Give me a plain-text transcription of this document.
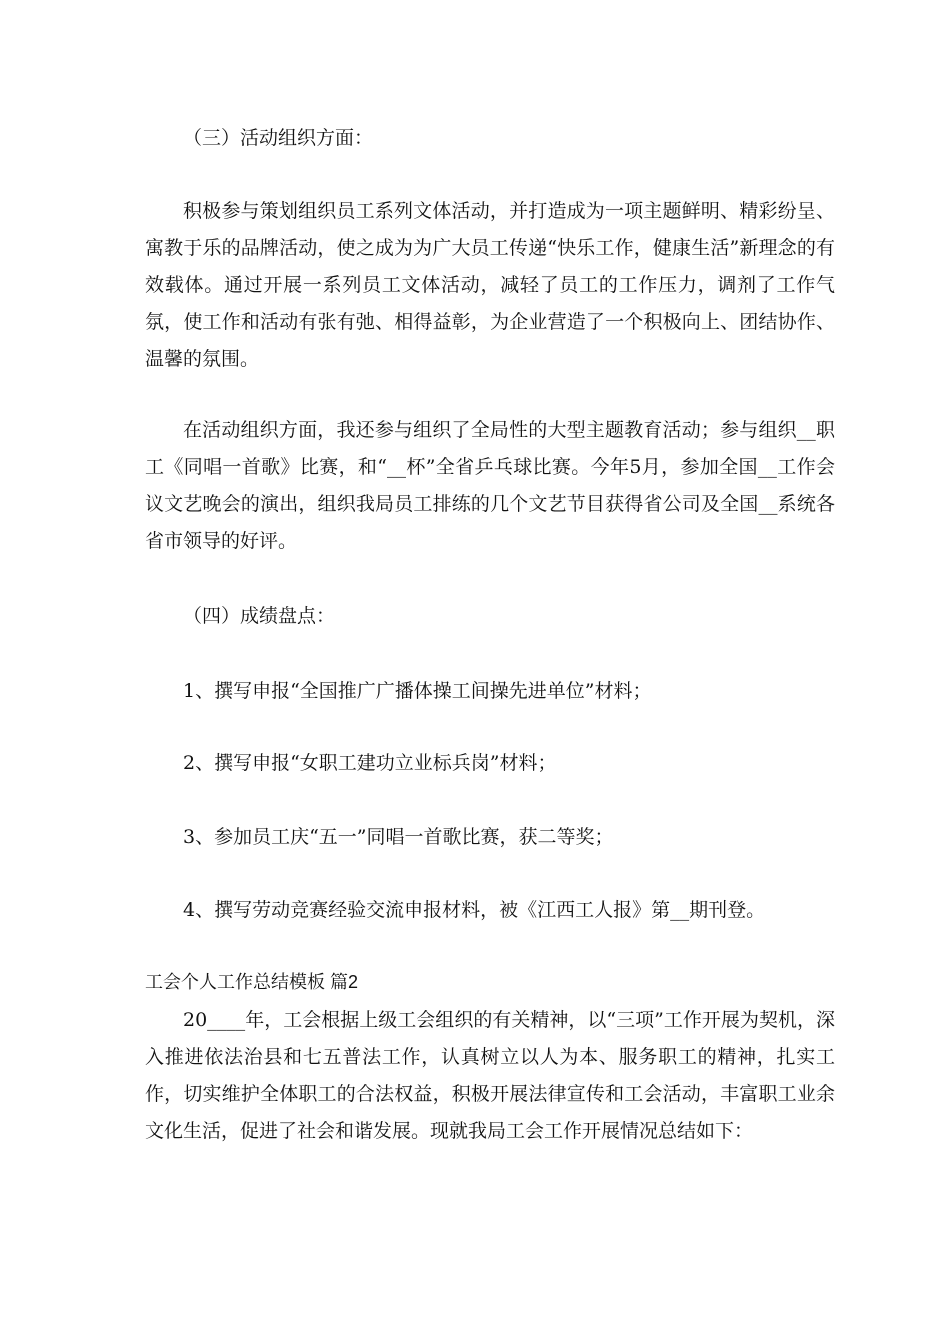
（三）活动组织方面：
积极参与策划组织员工系列文体活动，并打造成为一项主题鲜明、精彩纷呈、寓教于乐的品牌活动，使之成为为广大员工传递“快乐工作，健康生活”新理念的有效载体。通过开展一系列员工文体活动，减轻了员工的工作压力，调剂了工作气氛，使工作和活动有张有弛、相得益彰，为企业营造了一个积极向上、团结协作、温馨的氛围。
在活动组织方面，我还参与组织了全局性的大型主题教育活动；参与组织__职工《同唱一首歌》比赛，和“__杯”全省乒乓球比赛。今年5月，参加全国__工作会议文艺晚会的演出，组织我局员工排练的几个文艺节目获得省公司及全国__系统各省市领导的好评。
（四）成绩盘点：
1、撰写申报“全国推广广播体操工间操先进单位”材料；
2、撰写申报“女职工建功立业标兵岗”材料；
3、参加员工庆“五一”同唱一首歌比赛，获二等奖；
4、撰写劳动竞赛经验交流申报材料，被《江西工人报》第__期刊登。
工会个人工作总结模板 篇2
20____年，工会根据上级工会组织的有关精神，以“三项”工作开展为契机，深入推进依法治县和七五普法工作，认真树立以人为本、服务职工的精神，扎实工作，切实维护全体职工的合法权益，积极开展法律宣传和工会活动，丰富职工业余文化生活，促进了社会和谐发展。现就我局工会工作开展情况总结如下：
